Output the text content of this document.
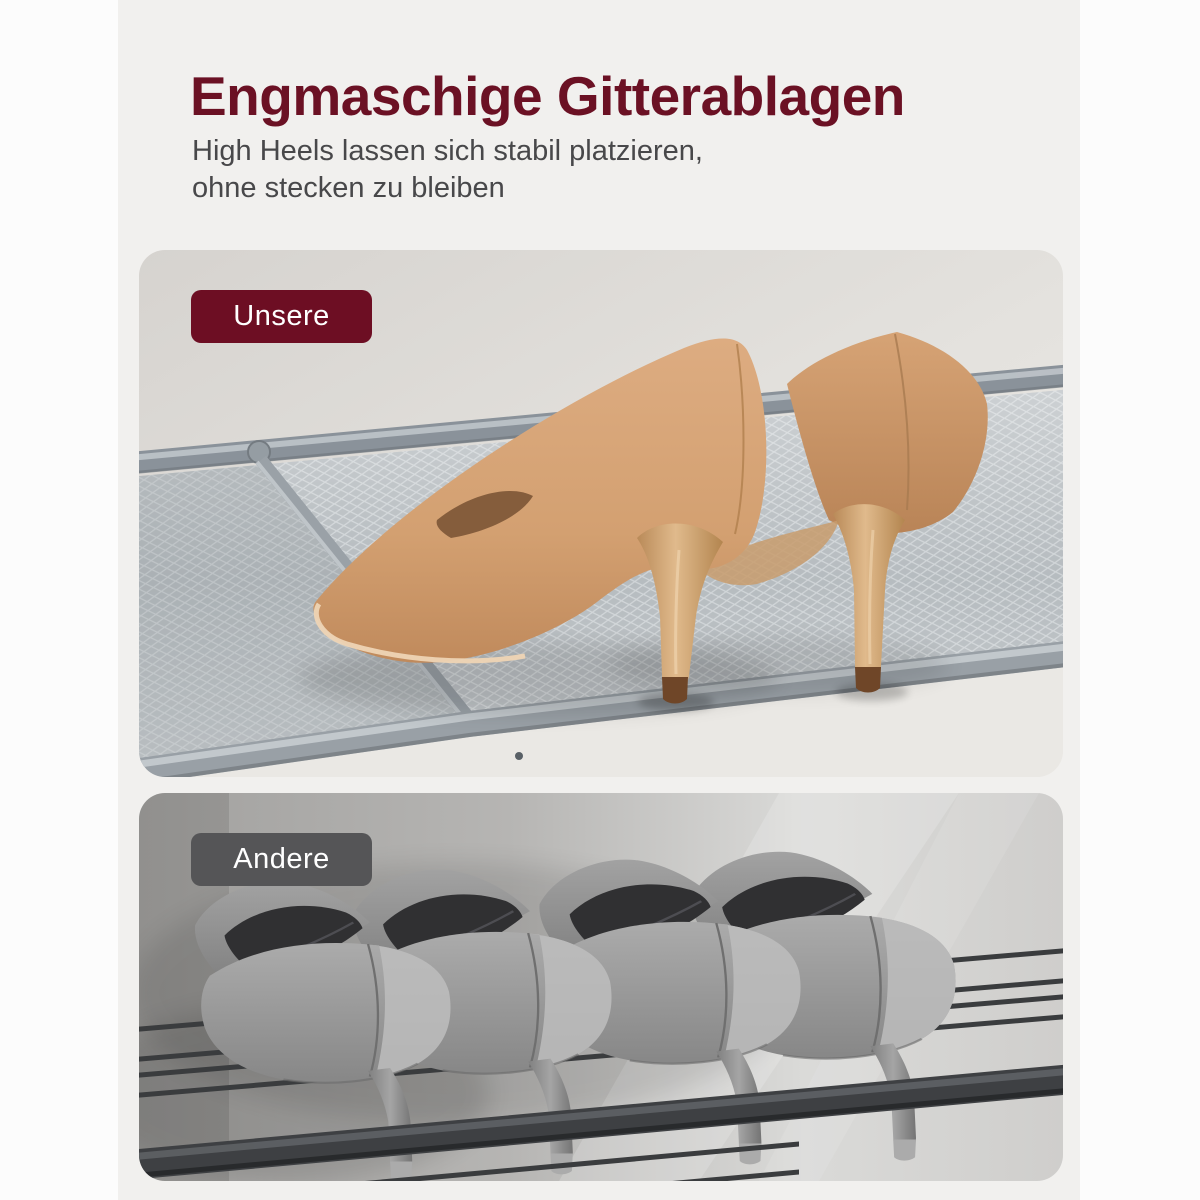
Engmaschige Gitterablagen

High Heels lassen sich stabil platzieren,
ohne stecken zu bleiben

Unsere
Andere
